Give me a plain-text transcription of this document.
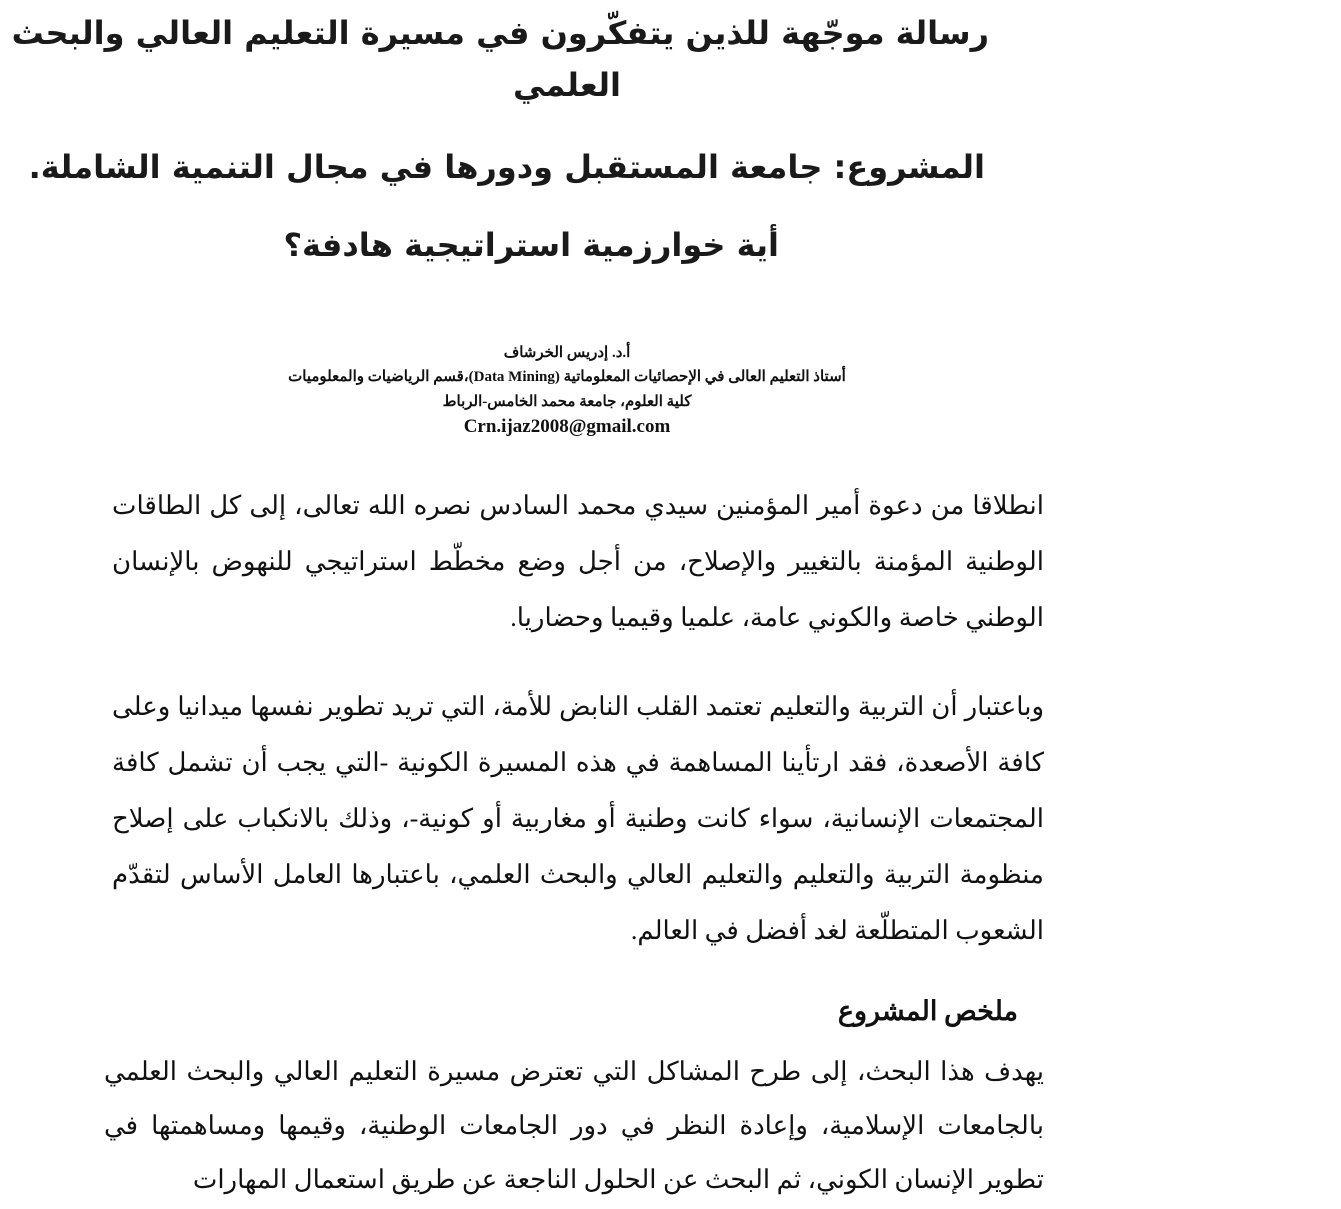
رسالة موجّهة للذين يتفكّرون في مسيرة التعليم العالي والبحث
العلمي
المشروع: جامعة المستقبل ودورها في مجال التنمية الشاملة.
أية خوارزمية استراتيجية هادفة؟

أ.د. إدريس الخرشاف

أستاذ التعليم العالى في الإحصائيات المعلوماتية (Data Mining)،قسم الرياضيات والمعلوميات

كلية العلوم، جامعة محمد الخامس-الرباط

Crn.ijaz2008@gmail.com

انطلاقا من دعوة أمير المؤمنين سيدي محمد السادس نصره الله تعالى، إلى كل الطاقات الوطنية المؤمنة بالتغيير والإصلاح، من أجل وضع مخطّط استراتيجي للنهوض بالإنسان الوطني خاصة والكوني عامة، علميا وقيميا وحضاريا.

وباعتبار أن التربية والتعليم تعتمد القلب النابض للأمة، التي تريد تطوير نفسها ميدانيا وعلى كافة الأصعدة، فقد ارتأينا المساهمة في هذه المسيرة الكونية -التي يجب أن تشمل كافة المجتمعات الإنسانية، سواء كانت وطنية أو مغاربية أو كونية-، وذلك بالانكباب على إصلاح منظومة التربية والتعليم والتعليم العالي والبحث العلمي، باعتبارها العامل الأساس لتقدّم الشعوب المتطلّعة لغد أفضل في العالم.

ملخص المشروع

يهدف هذا البحث، إلى طرح المشاكل التي تعترض مسيرة التعليم العالي والبحث العلمي بالجامعات الإسلامية، وإعادة النظر في دور الجامعات الوطنية، وقيمها ومساهمتها في تطوير الإنسان الكوني، ثم البحث عن الحلول الناجعة عن طريق استعمال المهارات
